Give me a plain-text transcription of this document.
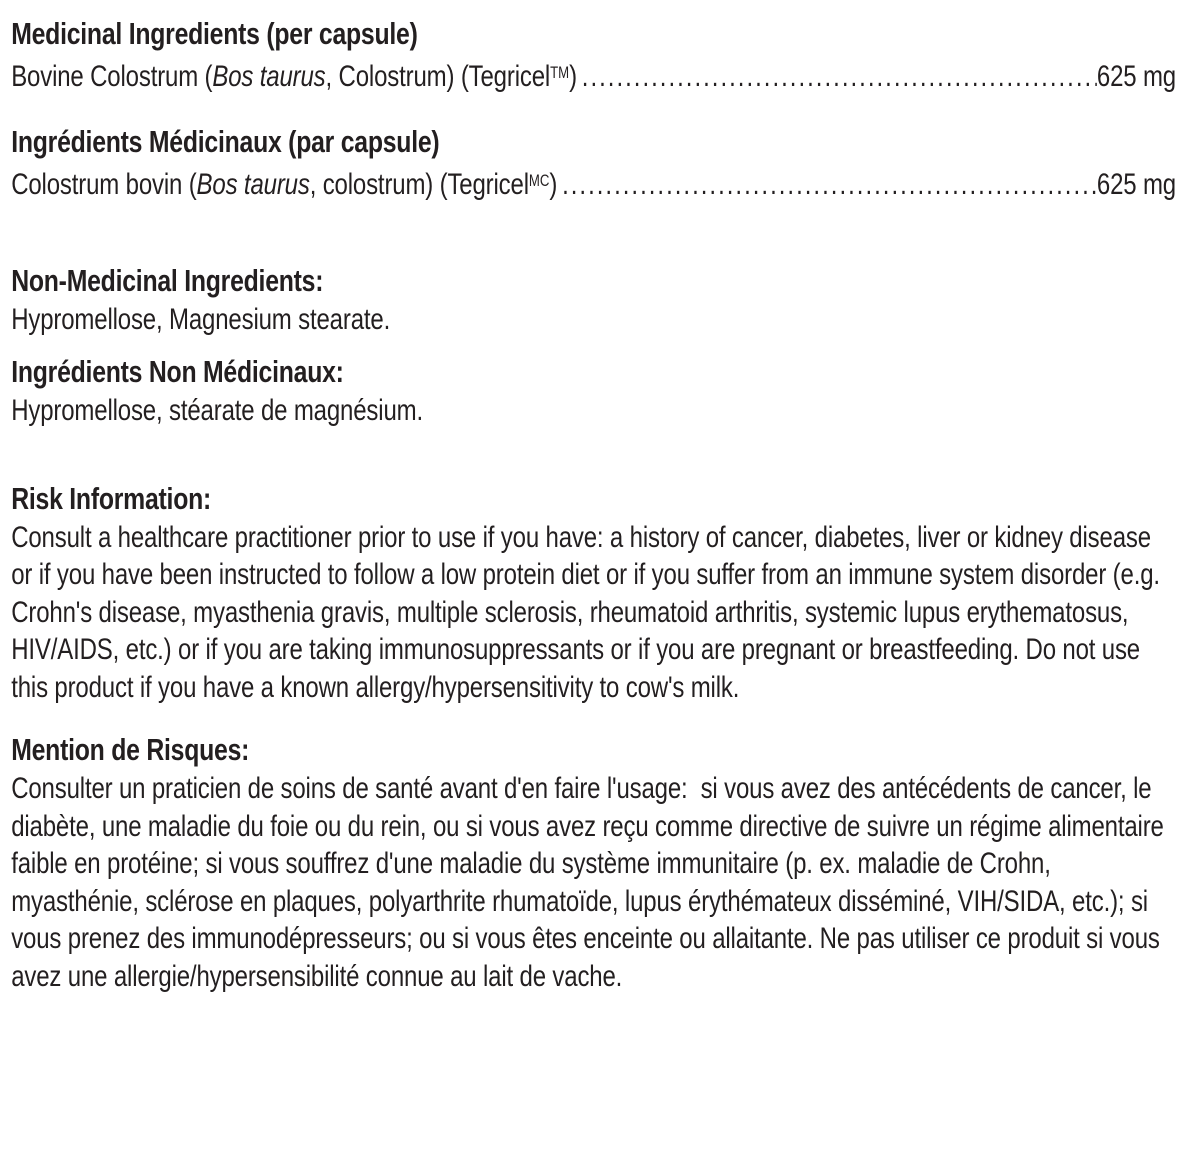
Medicinal Ingredients (per capsule)
Bovine Colostrum (Bos taurus, Colostrum) (Tegricel™) .....	625 mg
Ingrédients Médicinaux (par capsule)
Colostrum bovin (Bos taurus, colostrum) (Tegricel$^{MC}$) .....	625 mg
Non-Medicinal Ingredients:
Hypromellose, Magnesium stearate.
Ingrédients Non Médicinaux:
Hypromellose, stéarate de magnésium.
Risk Information:
Consult a healthcare practitioner prior to use if you have: a history of cancer, diabetes, liver or kidney disease or if you have been instructed to follow a low protein diet or if you suffer from an immune system disorder (e.g. Crohn's disease, myasthenia gravis, multiple sclerosis, rheumatoid arthritis, systemic lupus erythematosus, HIV/AIDS, etc.) or if you are taking immunosuppressants or if you are pregnant or breastfeeding. Do not use this product if you have a known allergy/hypersensitivity to cow's milk.
Mention de Risques:
Consulter un praticien de soins de santé avant d'en faire l'usage:  si vous avez des antécédents de cancer, le diabète, une maladie du foie ou du rein, ou si vous avez reçu comme directive de suivre un régime alimentaire faible en protéine; si vous souffrez d'une maladie du système immunitaire (p. ex. maladie de Crohn, myasthénie, sclérose en plaques, polyarthrite rhumatoïde, lupus érythémateux disséminé, VIH/SIDA, etc.); si vous prenez des immunodépresseurs; ou si vous êtes enceinte ou allaitante. Ne pas utiliser ce produit si vous avez une allergie/hypersensibilité connue au lait de vache.
